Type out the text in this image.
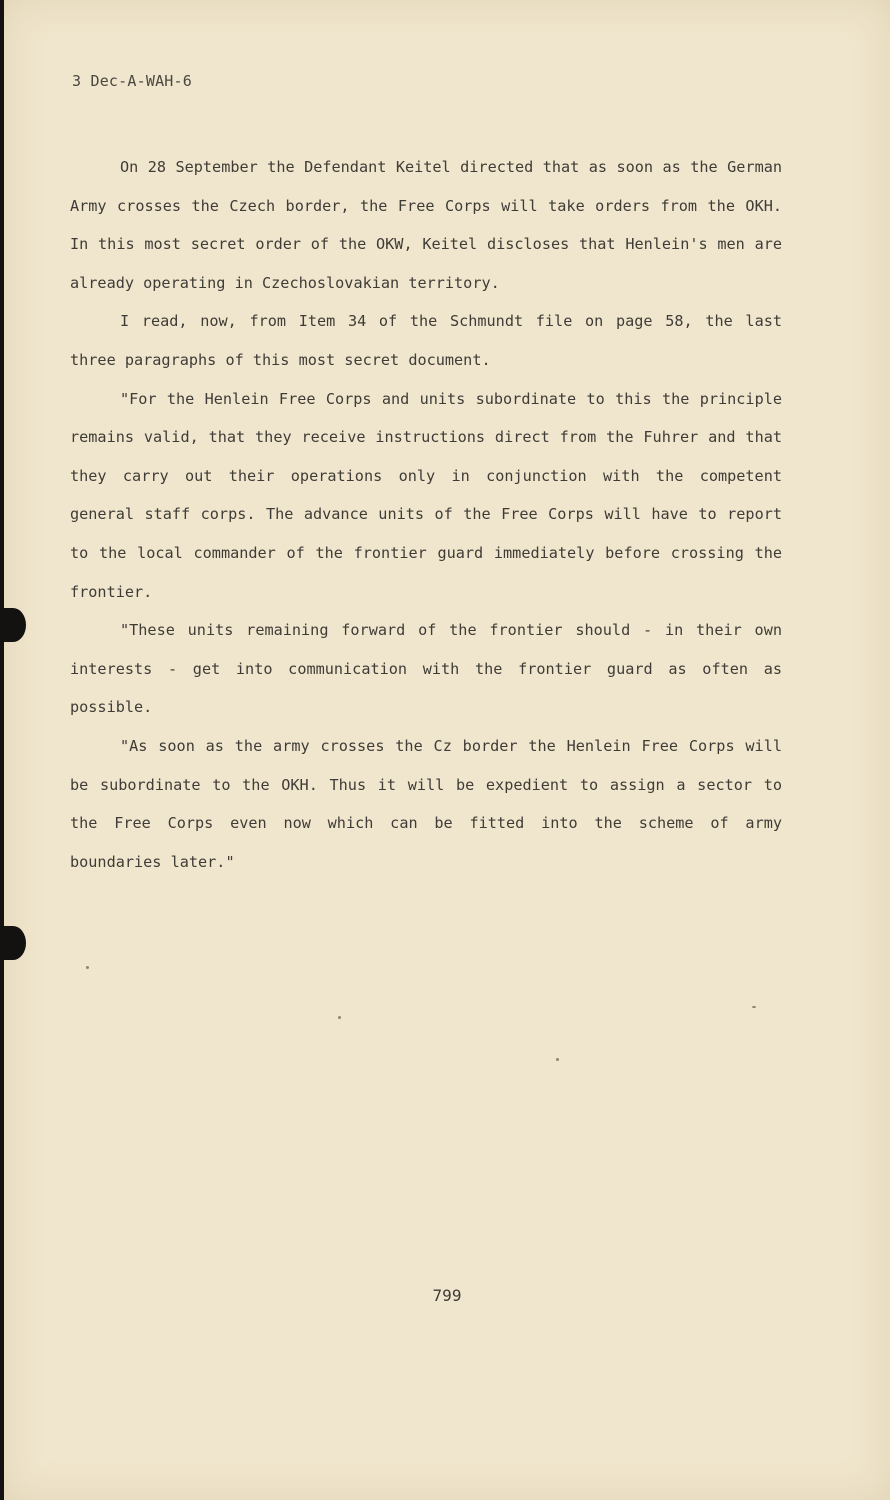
3 Dec-A-WAH-6

On 28 September the Defendant Keitel directed that as soon as the German Army crosses the Czech border, the Free Corps will take orders from the OKH. In this most secret order of the OKW, Keitel discloses that Henlein's men are already operating in Czechoslovakian territory.

I read, now, from Item 34 of the Schmundt file on page 58, the last three paragraphs of this most secret document.

"For the Henlein Free Corps and units subordinate to this the principle remains valid, that they receive instructions direct from the Fuhrer and that they carry out their operations only in conjunction with the competent general staff corps. The advance units of the Free Corps will have to report to the local commander of the frontier guard immediately before crossing the frontier.

"These units remaining forward of the frontier should - in their own interests - get into communication with the frontier guard as often as possible.

"As soon as the army crosses the Cz border the Henlein Free Corps will be subordinate to the OKH. Thus it will be expedient to assign a sector to the Free Corps even now which can be fitted into the scheme of army boundaries later."

799
